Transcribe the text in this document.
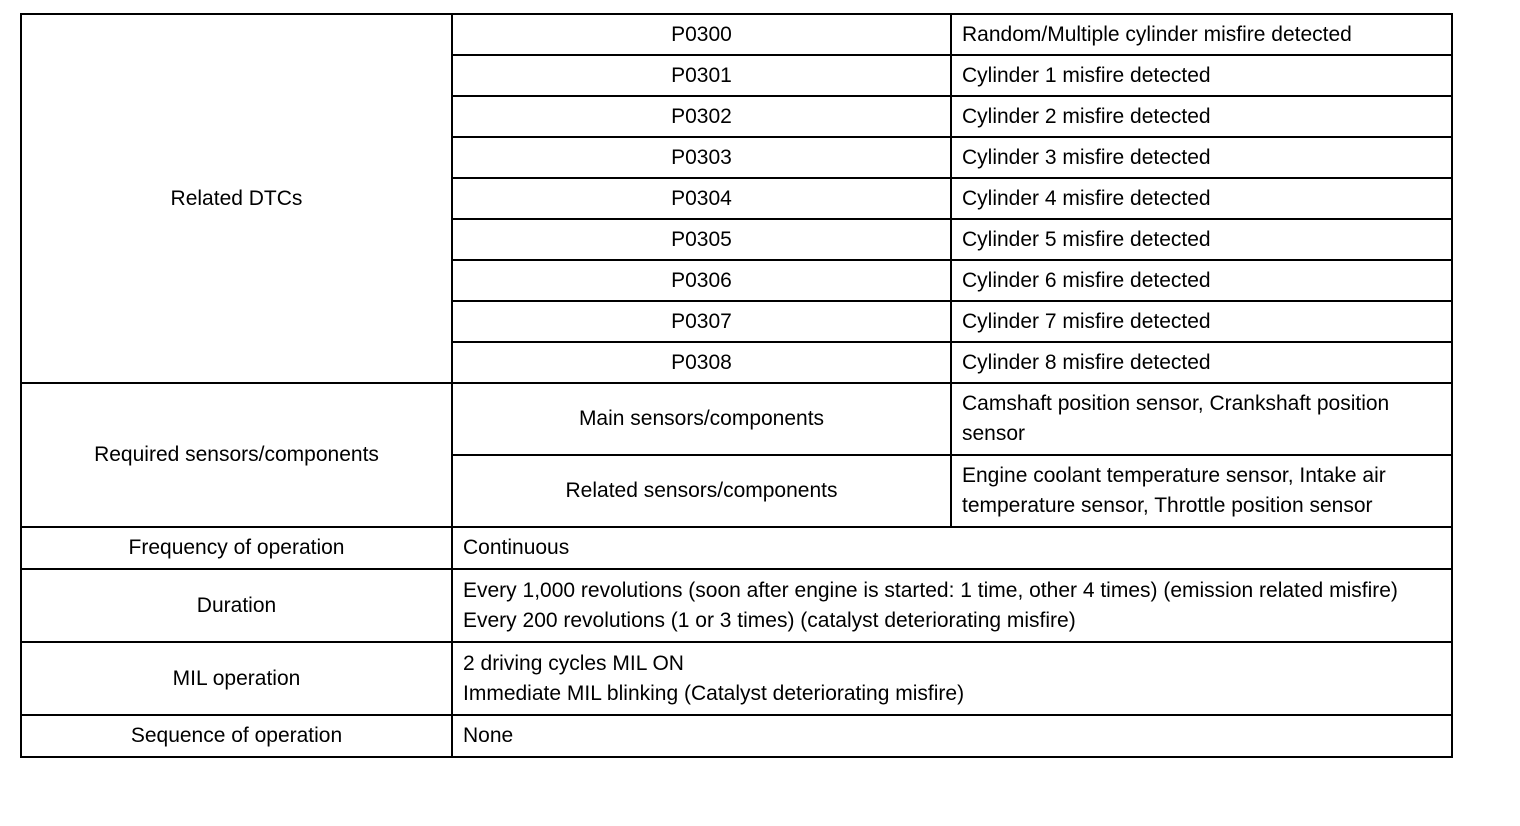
Related DTCs	P0300	Random/Multiple cylinder misfire detected
	P0301	Cylinder 1 misfire detected
	P0302	Cylinder 2 misfire detected
	P0303	Cylinder 3 misfire detected
	P0304	Cylinder 4 misfire detected
	P0305	Cylinder 5 misfire detected
	P0306	Cylinder 6 misfire detected
	P0307	Cylinder 7 misfire detected
	P0308	Cylinder 8 misfire detected
Required sensors/components	Main sensors/components	Camshaft position sensor, Crankshaft position sensor
	Related sensors/components	Engine coolant temperature sensor, Intake air temperature sensor, Throttle position sensor
Frequency of operation	Continuous	
Duration	Every 1,000 revolutions (soon after engine is started: 1 time, other 4 times) (emission related misfire)
Every 200 revolutions (1 or 3 times) (catalyst deteriorating misfire)	

MIL operation	2 driving cycles MIL ON
Immediate MIL blinking (Catalyst deteriorating misfire)	

Sequence of operation	None	
